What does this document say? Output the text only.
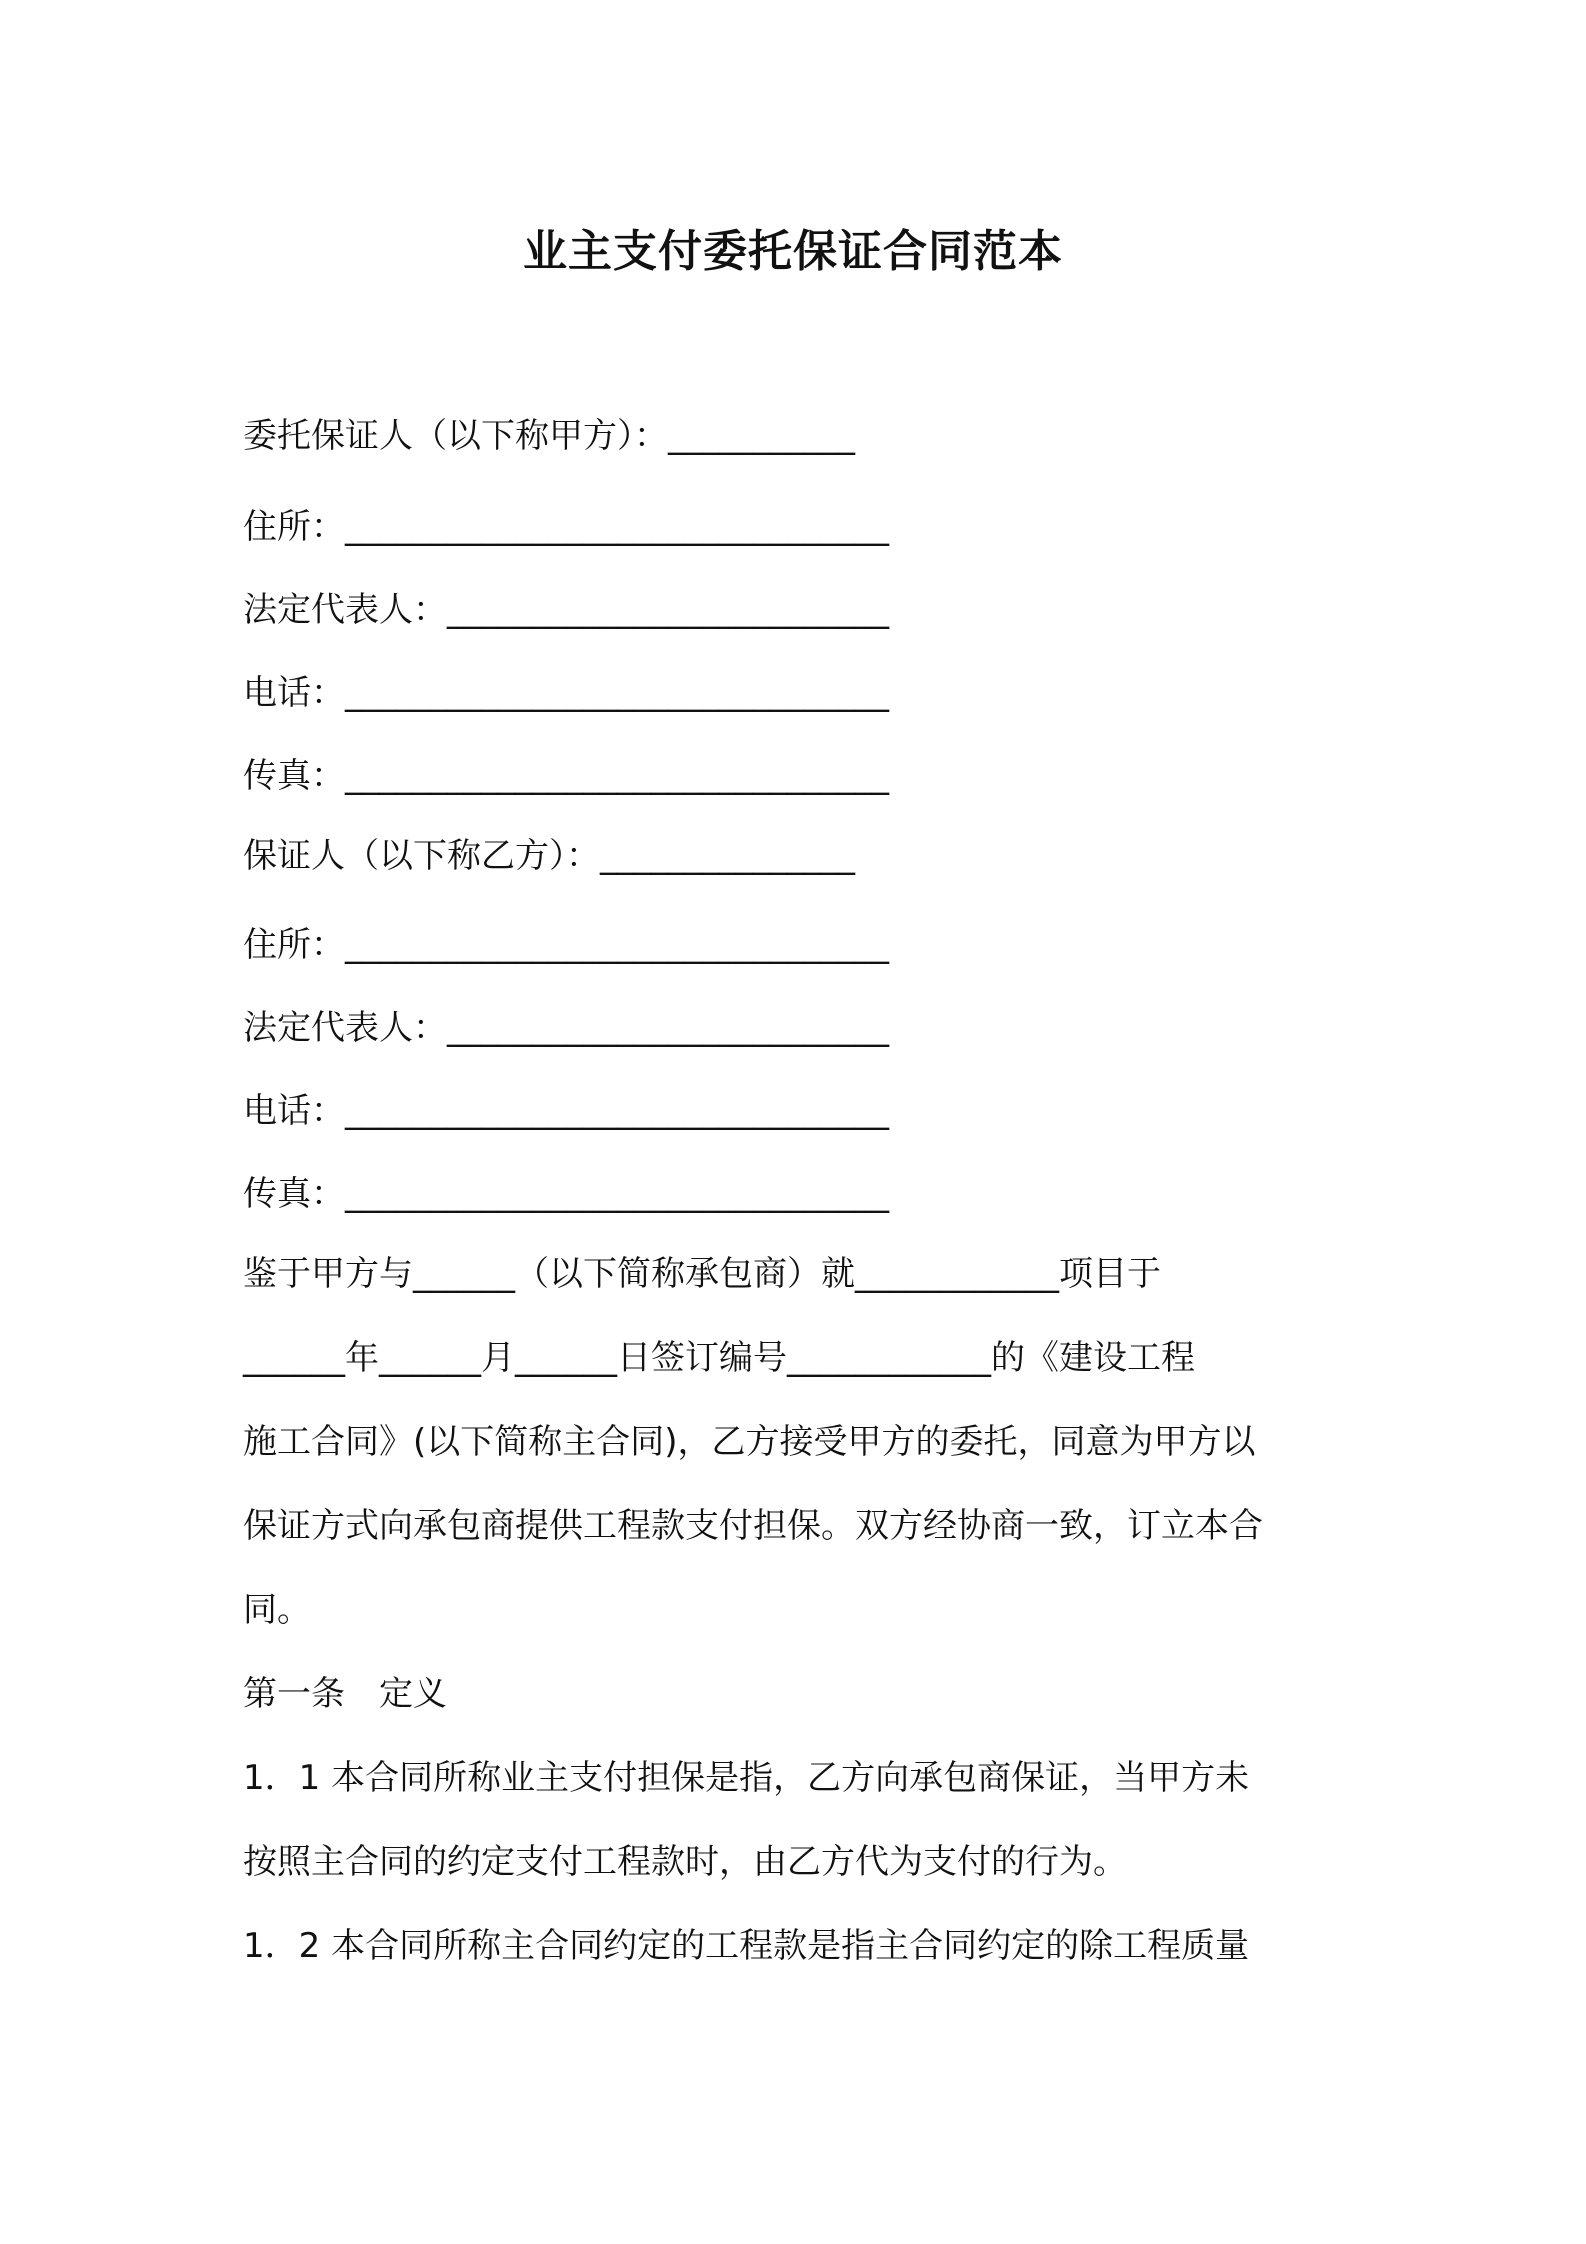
业主支付委托保证合同范本
委托保证人（以下称甲方）：___________
住所：________________________________
法定代表人：__________________________
电话：________________________________
传真：________________________________
保证人（以下称乙方）：_______________
住所：________________________________
法定代表人：__________________________
电话：________________________________
传真：________________________________
鉴于甲方与______（以下简称承包商）就____________项目于
______年______月______日签订编号____________的《建设工程
施工合同》(以下简称主合同)，乙方接受甲方的委托，同意为甲方以
保证方式向承包商提供工程款支付担保。双方经协商一致，订立本合
同。
第一条　定义
1．1 本合同所称业主支付担保是指，乙方向承包商保证，当甲方未
按照主合同的约定支付工程款时，由乙方代为支付的行为。
1．2 本合同所称主合同约定的工程款是指主合同约定的除工程质量
